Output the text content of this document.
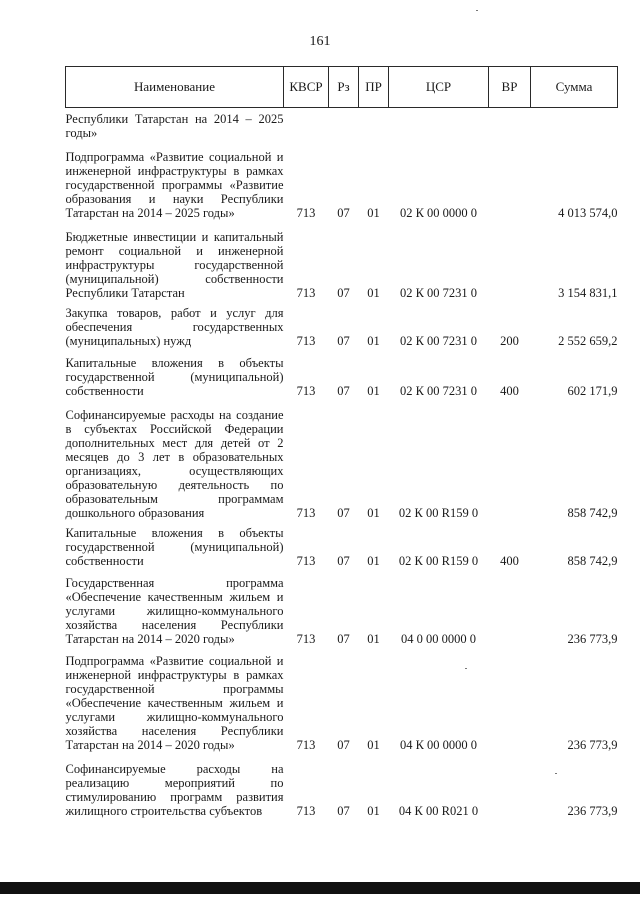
161
Наименование	КВСР	Рз	ПР	ЦСР	ВР	Сумма
Республики Татарстан на 2014 – 2025 годы»						
Подпрограмма «Развитие социальной и инженерной инфраструктуры в рамках государственной программы «Развитие образования и науки Республики Татарстан на 2014 – 2025 годы»	713	07	01	02 К 00 0000 0		4 013 574,0
Бюджетные инвестиции и капитальный ремонт социальной и инженерной инфраструктуры государственной (муниципальной) собственности Республики Татарстан	713	07	01	02 К 00 7231 0		3 154 831,1
Закупка товаров, работ и услуг для обеспечения государственных (муниципальных) нужд	713	07	01	02 К 00 7231 0	200	2 552 659,2
Капитальные вложения в объекты государственной (муниципальной) собственности	713	07	01	02 К 00 7231 0	400	602 171,9
Софинансируемые расходы на создание в субъектах Российской Федерации дополнительных мест для детей от 2 месяцев до 3 лет в образовательных организациях, осуществляющих образовательную деятельность по образовательным программам дошкольного образования	713	07	01	02 К 00 R159 0		858 742,9
Капитальные вложения в объекты государственной (муниципальной) собственности	713	07	01	02 К 00 R159 0	400	858 742,9
Государственная программа «Обеспечение качественным жильем и услугами жилищно-коммунального хозяйства населения Республики Татарстан на 2014 – 2020 годы»	713	07	01	04 0 00 0000 0		236 773,9
Подпрограмма «Развитие социальной и инженерной инфраструктуры в рамках государственной программы «Обеспечение качественным жильем и услугами жилищно-коммунального хозяйства населения Республики Татарстан на 2014 – 2020 годы»	713	07	01	04 К 00 0000 0		236 773,9
Софинансируемые расходы на реализацию мероприятий по стимулированию программ развития жилищного строительства субъектов	713	07	01	04 К 00 R021 0		236 773,9
